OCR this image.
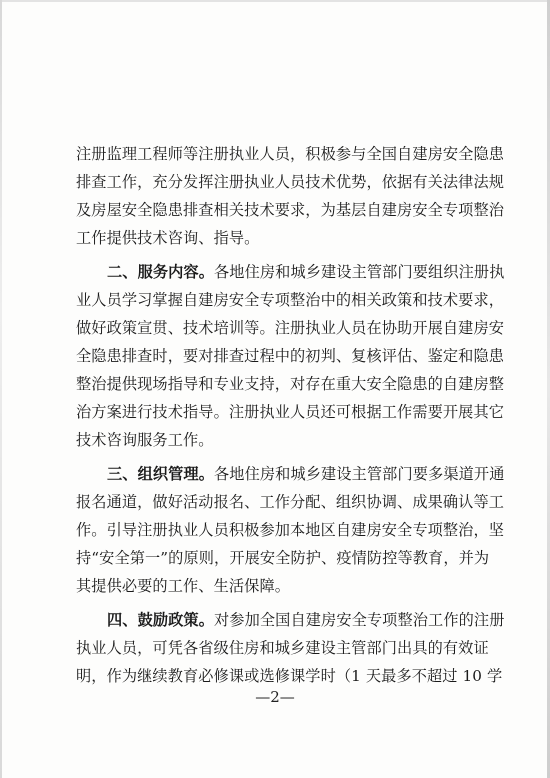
注册监理工程师等注册执业人员，积极参与全国自建房安全隐患
排查工作，充分发挥注册执业人员技术优势，依据有关法律法规
及房屋安全隐患排查相关技术要求，为基层自建房安全专项整治
工作提供技术咨询、指导。
二、服务内容。各地住房和城乡建设主管部门要组织注册执
业人员学习掌握自建房安全专项整治中的相关政策和技术要求，
做好政策宣贯、技术培训等。注册执业人员在协助开展自建房安
全隐患排查时，要对排查过程中的初判、复核评估、鉴定和隐患
整治提供现场指导和专业支持，对存在重大安全隐患的自建房整
治方案进行技术指导。注册执业人员还可根据工作需要开展其它
技术咨询服务工作。
三、组织管理。各地住房和城乡建设主管部门要多渠道开通
报名通道，做好活动报名、工作分配、组织协调、成果确认等工
作。引导注册执业人员积极参加本地区自建房安全专项整治，坚
持“安全第一”的原则，开展安全防护、疫情防控等教育，并为
其提供必要的工作、生活保障。
四、鼓励政策。对参加全国自建房安全专项整治工作的注册
执业人员，可凭各省级住房和城乡建设主管部门出具的有效证
明，作为继续教育必修课或选修课学时（1 天最多不超过 10 学
—2—
